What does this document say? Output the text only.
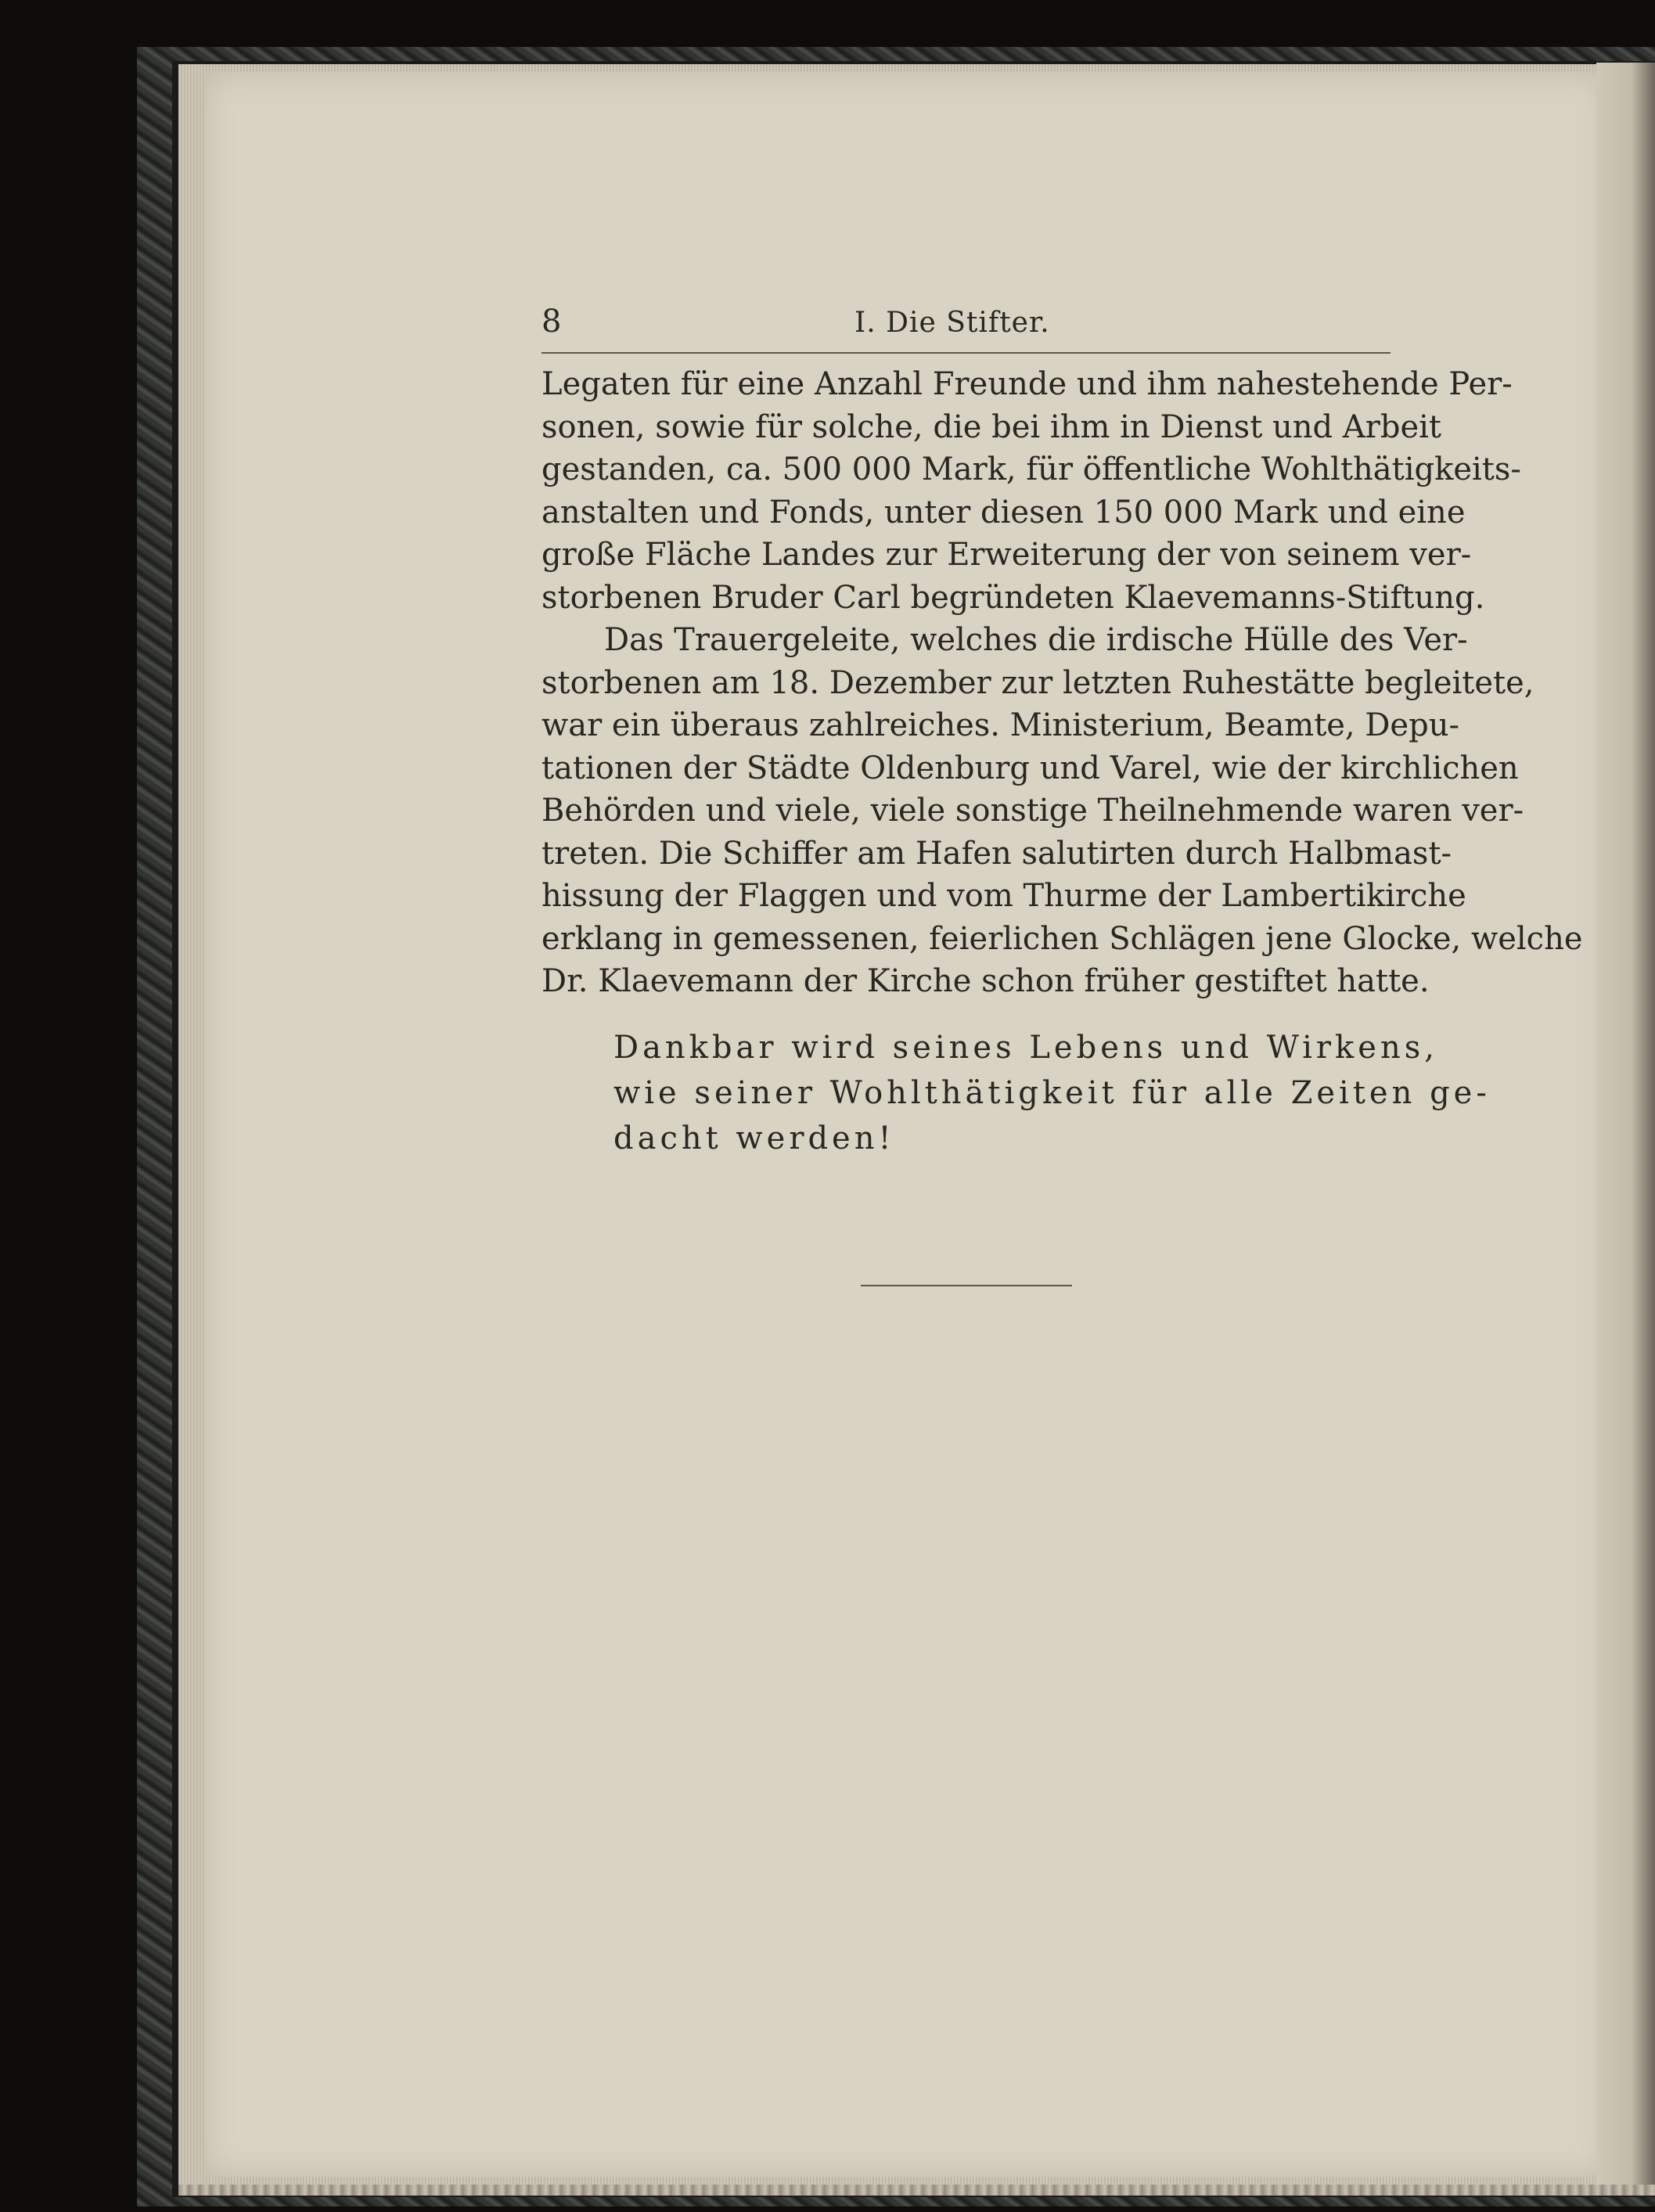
8	I. Die Stifter.

Legaten für eine Anzahl Freunde und ihm nahestehende Per-
sonen, sowie für solche, die bei ihm in Dienst und Arbeit
gestanden, ca. 500 000 Mark, für öffentliche Wohlthätigkeits-
anstalten und Fonds, unter diesen 150 000 Mark und eine
große Fläche Landes zur Erweiterung der von seinem ver-
storbenen Bruder Carl begründeten Klaevemanns-Stiftung.

Das Trauergeleite, welches die irdische Hülle des Ver-
storbenen am 18. Dezember zur letzten Ruhestätte begleitete,
war ein überaus zahlreiches. Ministerium, Beamte, Depu-
tationen der Städte Oldenburg und Varel, wie der kirchlichen
Behörden und viele, viele sonstige Theilnehmende waren ver-
treten. Die Schiffer am Hafen salutirten durch Halbmast-
hissung der Flaggen und vom Thurme der Lambertikirche
erklang in gemessenen, feierlichen Schlägen jene Glocke, welche
Dr. Klaevemann der Kirche schon früher gestiftet hatte.

Dankbar wird seines Lebens und Wirkens,
wie seiner Wohlthätigkeit für alle Zeiten ge-
dacht werden!
